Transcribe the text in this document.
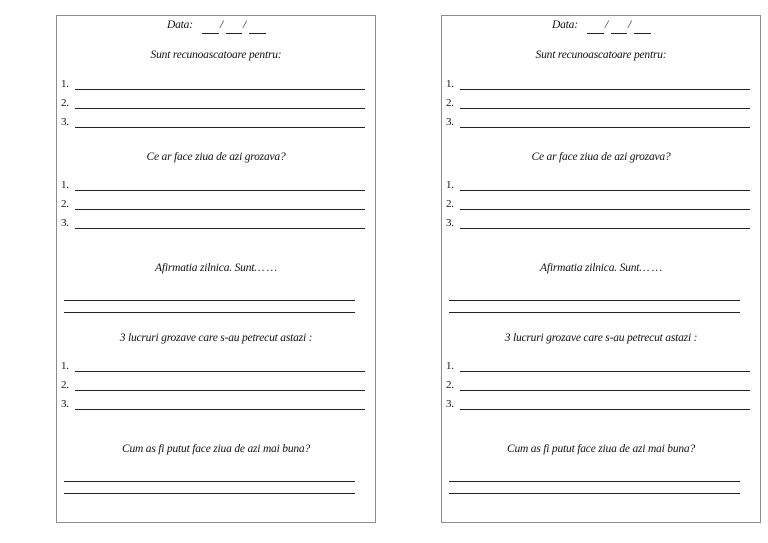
Data: / /
Sunt recunoascatoare pentru:
1.
2.
3.
Ce ar face ziua de azi grozava?
1.
2.
3.
Afirmatia zilnica. Sunt… …
3 lucruri grozave care s-au petrecut astazi :
1.
2.
3.
Cum as fi putut face ziua de azi mai buna?
Data: / /
Sunt recunoascatoare pentru:
1.
2.
3.
Ce ar face ziua de azi grozava?
1.
2.
3.
Afirmatia zilnica. Sunt… …
3 lucruri grozave care s-au petrecut astazi :
1.
2.
3.
Cum as fi putut face ziua de azi mai buna?
